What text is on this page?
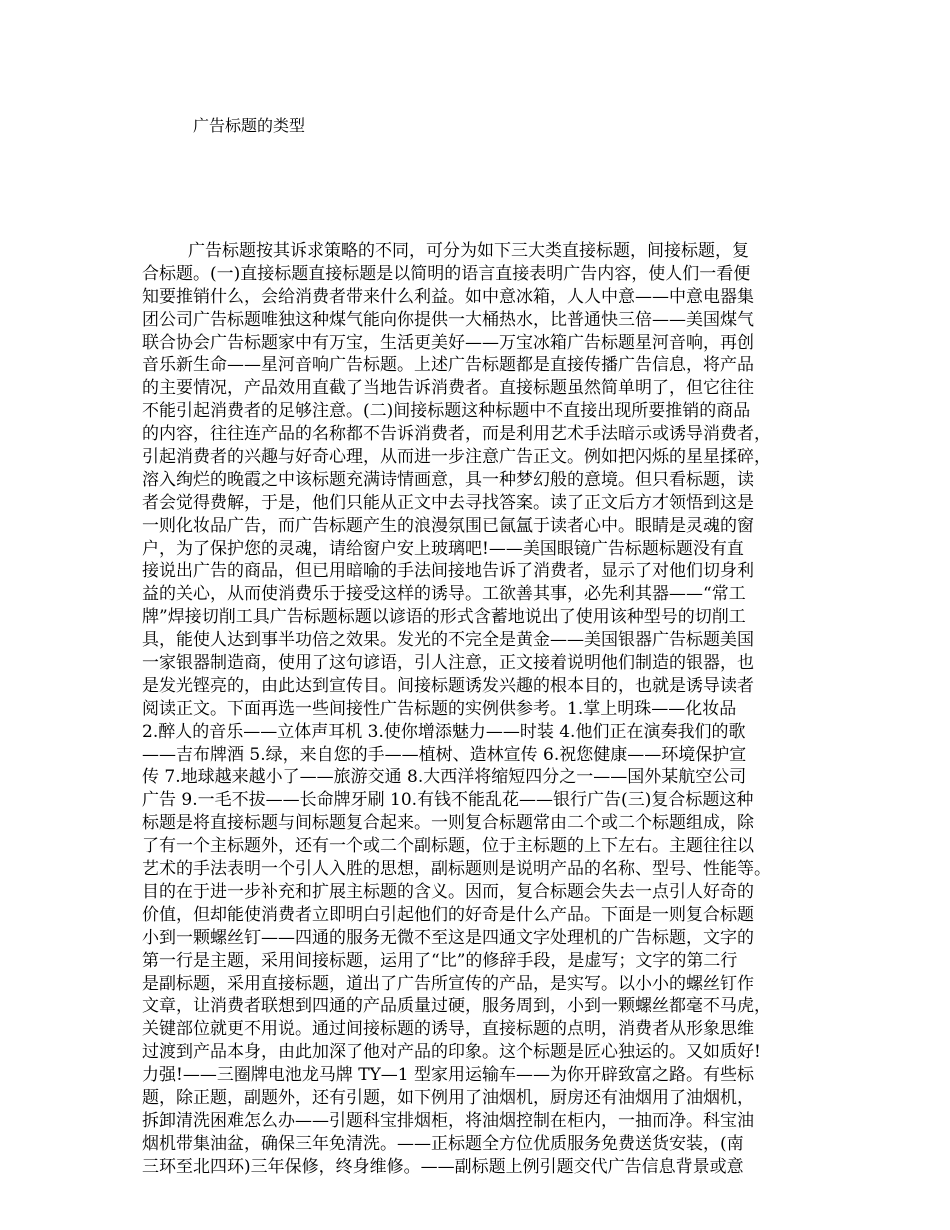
广告标题的类型
广告标题按其诉求策略的不同，可分为如下三大类直接标题，间接标题，复
合标题。(一)直接标题直接标题是以简明的语言直接表明广告内容，使人们一看便
知要推销什么，会给消费者带来什么利益。如中意冰箱，人人中意——中意电器集
团公司广告标题唯独这种煤气能向你提供一大桶热水，比普通快三倍——美国煤气
联合协会广告标题家中有万宝，生活更美好——万宝冰箱广告标题星河音响，再创
音乐新生命——星河音响广告标题。上述广告标题都是直接传播广告信息，将产品
的主要情况，产品效用直截了当地告诉消费者。直接标题虽然简单明了，但它往往
不能引起消费者的足够注意。(二)间接标题这种标题中不直接出现所要推销的商品
的内容，往往连产品的名称都不告诉消费者，而是利用艺术手法暗示或诱导消费者，
引起消费者的兴趣与好奇心理，从而进一步注意广告正文。例如把闪烁的星星揉碎，
溶入绚烂的晚霞之中该标题充满诗情画意，具一种梦幻般的意境。但只看标题，读
者会觉得费解，于是，他们只能从正文中去寻找答案。读了正文后方才领悟到这是
一则化妆品广告，而广告标题产生的浪漫氛围已氤氲于读者心中。眼睛是灵魂的窗
户，为了保护您的灵魂，请给窗户安上玻璃吧!——美国眼镜广告标题标题没有直
接说出广告的商品，但已用暗喻的手法间接地告诉了消费者，显示了对他们切身利
益的关心，从而使消费乐于接受这样的诱导。工欲善其事，必先利其器——“常工
牌”焊接切削工具广告标题标题以谚语的形式含蓄地说出了使用该种型号的切削工
具，能使人达到事半功倍之效果。发光的不完全是黄金——美国银器广告标题美国
一家银器制造商，使用了这句谚语，引人注意，正文接着说明他们制造的银器，也
是发光铿亮的，由此达到宣传目。间接标题诱发兴趣的根本目的，也就是诱导读者
阅读正文。下面再选一些间接性广告标题的实例供参考。1.掌上明珠——化妆品
2.醉人的音乐——立体声耳机 3.使你增添魅力——时装 4.他们正在演奏我们的歌
——吉布牌酒 5.绿，来自您的手——植树、造林宣传 6.祝您健康——环境保护宣
传 7.地球越来越小了——旅游交通 8.大西洋将缩短四分之一——国外某航空公司
广告 9.一毛不拔——长命牌牙刷 10.有钱不能乱花——银行广告(三)复合标题这种
标题是将直接标题与间标题复合起来。一则复合标题常由二个或二个标题组成，除
了有一个主标题外，还有一个或二个副标题，位于主标题的上下左右。主题往往以
艺术的手法表明一个引人入胜的思想，副标题则是说明产品的名称、型号、性能等。
目的在于进一步补充和扩展主标题的含义。因而，复合标题会失去一点引人好奇的
价值，但却能使消费者立即明白引起他们的好奇是什么产品。下面是一则复合标题
小到一颗螺丝钉——四通的服务无微不至这是四通文字处理机的广告标题，文字的
第一行是主题，采用间接标题，运用了“比”的修辞手段，是虚写；文字的第二行
是副标题，采用直接标题，道出了广告所宣传的产品，是实写。以小小的螺丝钉作
文章，让消费者联想到四通的产品质量过硬，服务周到，小到一颗螺丝都毫不马虎，
关键部位就更不用说。通过间接标题的诱导，直接标题的点明，消费者从形象思维
过渡到产品本身，由此加深了他对产品的印象。这个标题是匠心独运的。又如质好!
力强!——三圈牌电池龙马牌 TY—1 型家用运输车——为你开辟致富之路。有些标
题，除正题，副题外，还有引题，如下例用了油烟机，厨房还有油烟用了油烟机，
拆卸清洗困难怎么办——引题科宝排烟柜，将油烟控制在柜内，一抽而净。科宝油
烟机带集油盆，确保三年免清洗。——正标题全方位优质服务免费送货安装，(南
三环至北四环)三年保修，终身维修。——副标题上例引题交代广告信息背景或意
